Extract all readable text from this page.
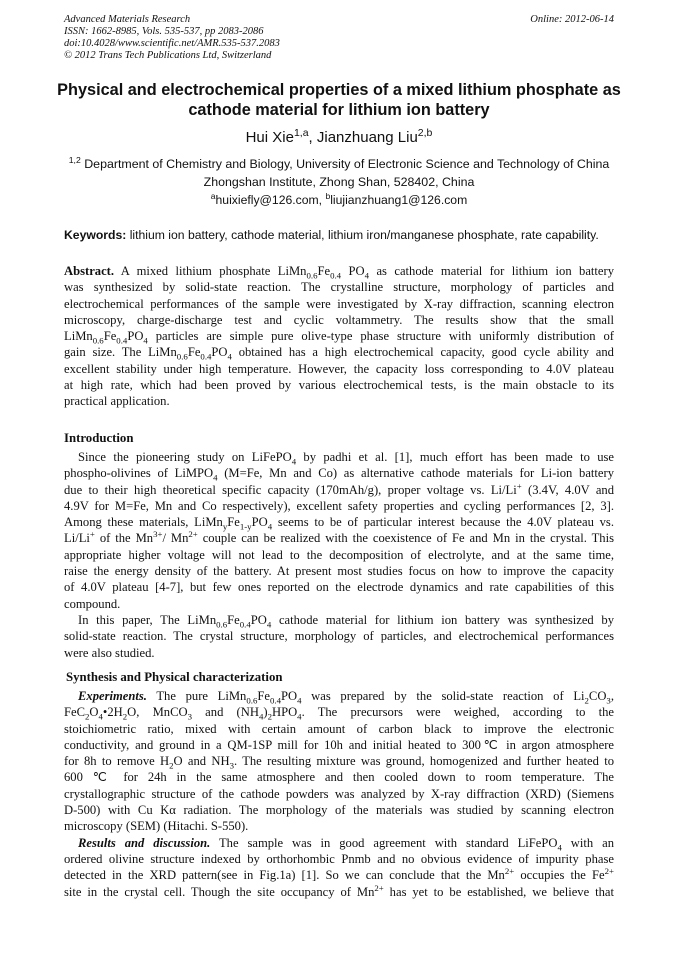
Advanced Materials Research
ISSN: 1662-8985, Vols. 535-537, pp 2083-2086
doi:10.4028/www.scientific.net/AMR.535-537.2083
© 2012 Trans Tech Publications Ltd, Switzerland
Online: 2012-06-14
Physical and electrochemical properties of a mixed lithium phosphate as
cathode material for lithium ion battery
Hui Xie$^{1,a}$, Jianzhuang Liu$^{2,b}$
$^{1,2}$ Department of Chemistry and Biology, University of Electronic Science and Technology of China
Zhongshan Institute, Zhong Shan, 528402, China
$^a$huixiefly@126.com, $^b$liujianzhuang1@126.com
Keywords: lithium ion battery, cathode material, lithium iron/manganese phosphate, rate capability.
Abstract. A mixed lithium phosphate $LiMn_{0.6}Fe_{0.4}$ $PO_4$ as cathode material for lithium ion battery
was synthesized by solid-state reaction. The crystalline structure, morphology of particles and
electrochemical performances of the sample were investigated by X-ray diffraction, scanning electron
microscopy, charge-discharge test and cyclic voltammetry. The results show that the small
$LiMn_{0.6}Fe_{0.4}PO_4$ particles are simple pure olive-type phase structure with uniformly distribution of
gain size. The $LiMn_{0.6}Fe_{0.4}PO_4$ obtained has a high electrochemical capacity, good cycle ability and
excellent stability under high temperature. However, the capacity loss corresponding to 4.0V plateau
at high rate, which had been proved by various electrochemical tests, is the main obstacle to its
practical application.
Introduction
Since the pioneering study on LiFePO$_4$ by padhi et al. [1], much effort has been made to use
phospho-olivines of LiMPO$_4$ (M=Fe, Mn and Co) as alternative cathode materials for Li-ion battery
due to their high theoretical specific capacity (170mAh/g), proper voltage vs. Li/Li+ (3.4V, 4.0V and
4.9V for M=Fe, Mn and Co respectively), excellent safety properties and cycling performances [2, 3].
Among these materials, $LiMn_yFe_{1-y}PO_4$ seems to be of particular interest because the 4.0V plateau vs.
Li/Li+ of the $Mn^{3+}/$ $Mn^{2+}$ couple can be realized with the coexistence of Fe and Mn in the crystal. This
appropriate higher voltage will not lead to the decomposition of electrolyte, and at the same time,
raise the energy density of the battery. At present most studies focus on how to improve the capacity
of 4.0V plateau [4-7], but few ones reported on the electrode dynamics and rate capabilities of this
compound.
In this paper, The $LiMn_{0.6}Fe_{0.4}PO_4$ cathode material for lithium ion battery was synthesized by
solid-state reaction. The crystal structure, morphology of particles, and electrochemical performances
were also studied.
Synthesis and Physical characterization
Experiments. The pure $LiMn_{0.6}Fe_{0.4}PO_4$ was prepared by the solid-state reaction of $Li_2CO_3$,
$FeC_2O_4•2H_2O$, MnCO$_3$ and $(NH_4)_2HPO_4$. The precursors were weighed, according to the
stoichiometric ratio, mixed with certain amount of carbon black to improve the electronic
conductivity, and ground in a QM-1SP mill for 10h and initial heated to 300℃ in argon atmosphere
for 8h to remove $H_2O$ and $NH_3$. The resulting mixture was ground, homogenized and further heated to
600 ℃ for 24h in the same atmosphere and then cooled down to room temperature. The
crystallographic structure of the cathode powders was analyzed by X-ray diffraction (XRD) (Siemens
D-500) with Cu Kα radiation. The morphology of the materials was studied by scanning electron
microscopy (SEM) (Hitachi. S-550).
Results and discussion. The sample was in good agreement with standard LiFePO$_4$ with an
ordered olivine structure indexed by orthorhombic Pnmb and no obvious evidence of impurity phase
detected in the XRD pattern(see in Fig.1a) [1]. So we can conclude that the $Mn^{2+}$ occupies the $Fe^{2+}$
site in the crystal cell. Though the site occupancy of $Mn^{2+}$ has yet to be established, we believe that
